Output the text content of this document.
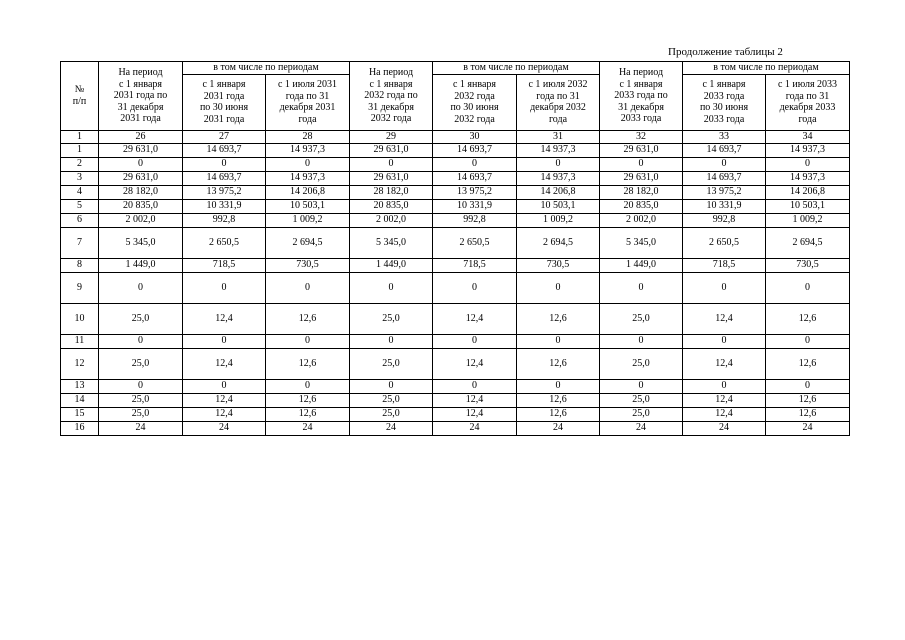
Продолжение таблицы 2
№
п/п	На период
с 1 января
2031 года по
31 декабря
2031 года	в том числе по периодам		На период
с 1 января
2032 года по
31 декабря
2032 года	в том числе по периодам		На период
с 1 января
2033 года по
31 декабря
2033 года	в том числе по периодам	
		с 1 января
2031 года
по 30 июня
2031 года	с 1 июля 2031
года по 31
декабря 2031
года		с 1 января
2032 года
по 30 июня
2032 года	с 1 июля 2032
года по 31
декабря 2032
года		с 1 января
2033 года
по 30 июня
2033 года	с 1 июля 2033
года по 31
декабря 2033
года
1	26	27	28	29	30	31	32	33	34
1	29 631,0	14 693,7	14 937,3	29 631,0	14 693,7	14 937,3	29 631,0	14 693,7	14 937,3
2	0	0	0	0	0	0	0	0	0
3	29 631,0	14 693,7	14 937,3	29 631,0	14 693,7	14 937,3	29 631,0	14 693,7	14 937,3
4	28 182,0	13 975,2	14 206,8	28 182,0	13 975,2	14 206,8	28 182,0	13 975,2	14 206,8
5	20 835,0	10 331,9	10 503,1	20 835,0	10 331,9	10 503,1	20 835,0	10 331,9	10 503,1
6	2 002,0	992,8	1 009,2	2 002,0	992,8	1 009,2	2 002,0	992,8	1 009,2
7	5 345,0	2 650,5	2 694,5	5 345,0	2 650,5	2 694,5	5 345,0	2 650,5	2 694,5
8	1 449,0	718,5	730,5	1 449,0	718,5	730,5	1 449,0	718,5	730,5
9	0	0	0	0	0	0	0	0	0
10	25,0	12,4	12,6	25,0	12,4	12,6	25,0	12,4	12,6
11	0	0	0	0	0	0	0	0	0
12	25,0	12,4	12,6	25,0	12,4	12,6	25,0	12,4	12,6
13	0	0	0	0	0	0	0	0	0
14	25,0	12,4	12,6	25,0	12,4	12,6	25,0	12,4	12,6
15	25,0	12,4	12,6	25,0	12,4	12,6	25,0	12,4	12,6
16	24	24	24	24	24	24	24	24	24
